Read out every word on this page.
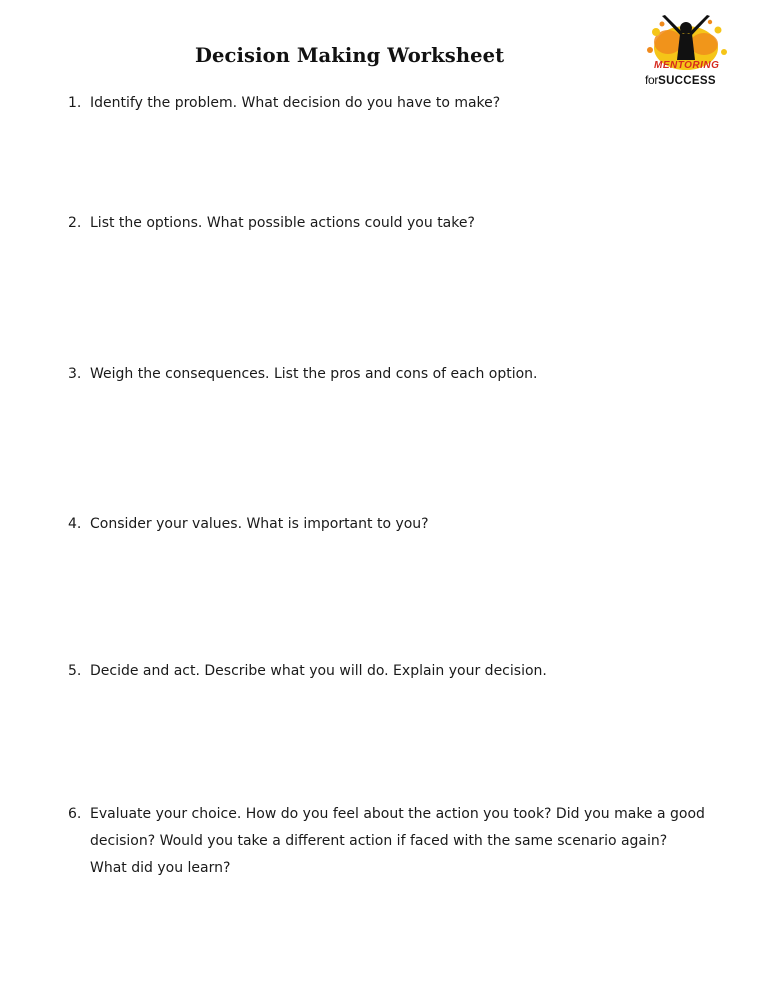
Decision Making Worksheet	MENTORING
forSUCCESS
1. Identify the problem. What decision do you have to make?
2. List the options. What possible actions could you take?
3. Weigh the consequences. List the pros and cons of each option.
4. Consider your values. What is important to you?
5. Decide and act. Describe what you will do. Explain your decision.
6. Evaluate your choice. How do you feel about the action you took? Did you make a good decision? Would you take a different action if faced with the same scenario again? What did you learn?
